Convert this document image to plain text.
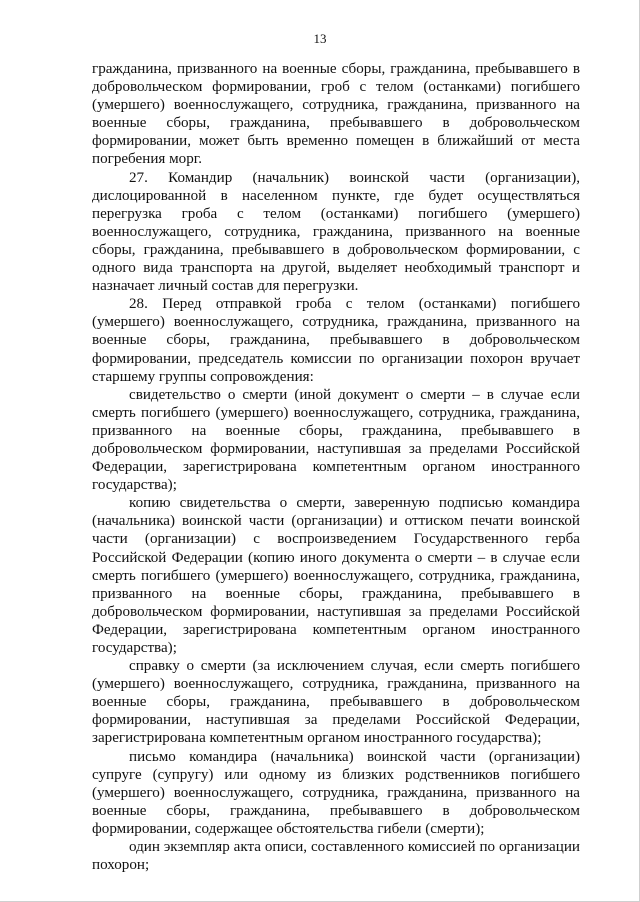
13

гражданина, призванного на военные сборы, гражданина, пребывавшего в добровольческом формировании, гроб с телом (останками) погибшего (умершего) военнослужащего, сотрудника, гражданина, призванного на военные сборы, гражданина, пребывавшего в добровольческом формировании, может быть временно помещен в ближайший от места погребения морг.

27. Командир (начальник) воинской части (организации), дислоцированной в населенном пункте, где будет осуществляться перегрузка гроба с телом (останками) погибшего (умершего) военнослужащего, сотрудника, гражданина, призванного на военные сборы, гражданина, пребывавшего в добровольческом формировании, с одного вида транспорта на другой, выделяет необходимый транспорт и назначает личный состав для перегрузки.

28. Перед отправкой гроба с телом (останками) погибшего (умершего) военнослужащего, сотрудника, гражданина, призванного на военные сборы, гражданина, пребывавшего в добровольческом формировании, председатель комиссии по организации похорон вручает старшему группы сопровождения:

свидетельство о смерти (иной документ о смерти – в случае если смерть погибшего (умершего) военнослужащего, сотрудника, гражданина, призванного на военные сборы, гражданина, пребывавшего в добровольческом формировании, наступившая за пределами Российской Федерации, зарегистрирована компетентным органом иностранного государства);

копию свидетельства о смерти, заверенную подписью командира (начальника) воинской части (организации) и оттиском печати воинской части (организации) с воспроизведением Государственного герба Российской Федерации (копию иного документа о смерти – в случае если смерть погибшего (умершего) военнослужащего, сотрудника, гражданина, призванного на военные сборы, гражданина, пребывавшего в добровольческом формировании, наступившая за пределами Российской Федерации, зарегистрирована компетентным органом иностранного государства);

справку о смерти (за исключением случая, если смерть погибшего (умершего) военнослужащего, сотрудника, гражданина, призванного на военные сборы, гражданина, пребывавшего в добровольческом формировании, наступившая за пределами Российской Федерации, зарегистрирована компетентным органом иностранного государства);

письмо командира (начальника) воинской части (организации) супруге (супругу) или одному из близких родственников погибшего (умершего) военнослужащего, сотрудника, гражданина, призванного на военные сборы, гражданина, пребывавшего в добровольческом формировании, содержащее обстоятельства гибели (смерти);

один экземпляр акта описи, составленного комиссией по организации похорон;
